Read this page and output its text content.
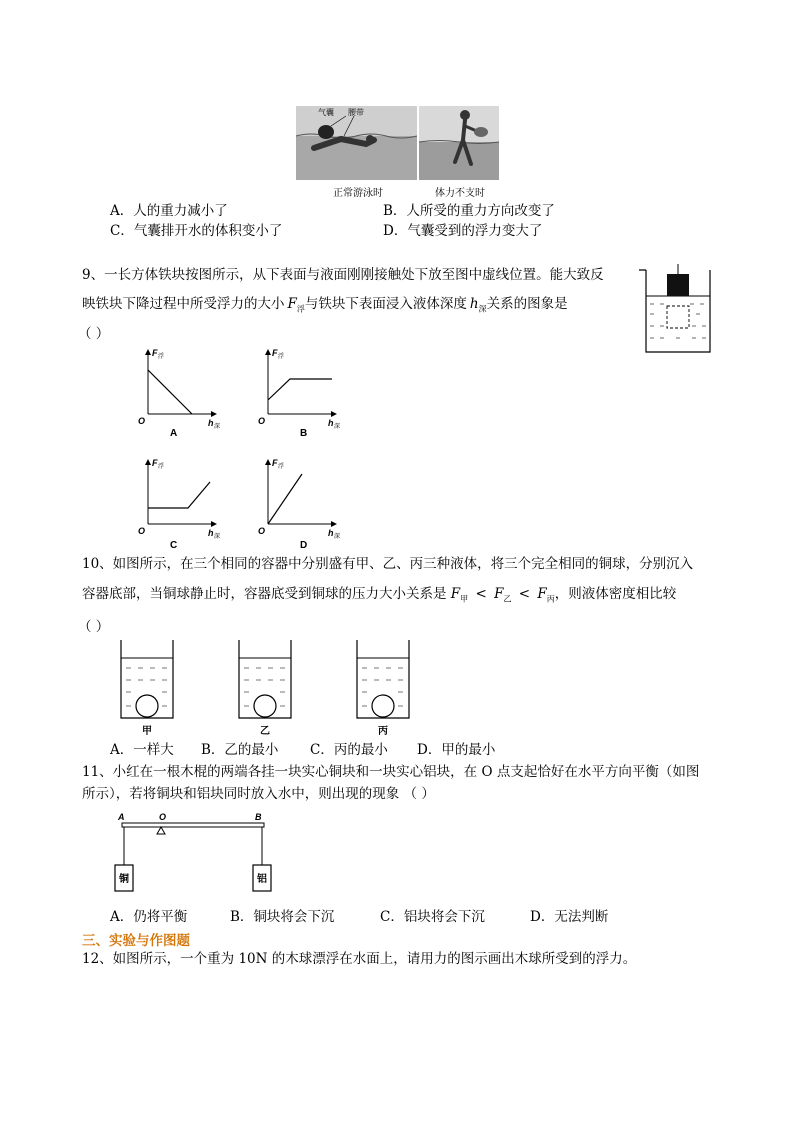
气囊 腰带
正常游泳时	体力不支时
A．人的重力减小了	B．人所受的重力方向改变了
C．气囊排开水的体积变小了	D．气囊受到的浮力变大了
9、一长方体铁块按图所示，从下表面与液面刚刚接触处下放至图中虚线位置。能大致反
映铁块下降过程中所受浮力的大小 $F_浮$与铁块下表面浸入液体深度 $h_深$关系的图象是
（ ）
F 浮
O	h 深
A
F 浮
O	h 深
B
F 浮
O	h 深
C
F 浮
O	h 深
D
10、如图所示，在三个相同的容器中分别盛有甲、乙、丙三种液体，将三个完全相同的铜球，分别沉入
容器底部，当铜球静止时，容器底受到铜球的压力大小关系是 $F_甲 < F_乙 < F_丙$，则液体密度相比较
（ ）
甲	乙	丙
A．一样大 B．乙的最小 C．丙的最小 D．甲的最小
11、小红在一根木棍的两端各挂一块实心铜块和一块实心铝块，在 O 点支起恰好在水平方向平衡（如图
所示），若将铜块和铝块同时放入水中，则出现的现象 （ ）
A	O	B
铜	铝
A．仍将平衡	B．铜块将会下沉	C．铝块将会下沉	D．无法判断
三、实验与作图题
12、如图所示，一个重为 10N 的木球漂浮在水面上，请用力的图示画出木球所受到的浮力。
